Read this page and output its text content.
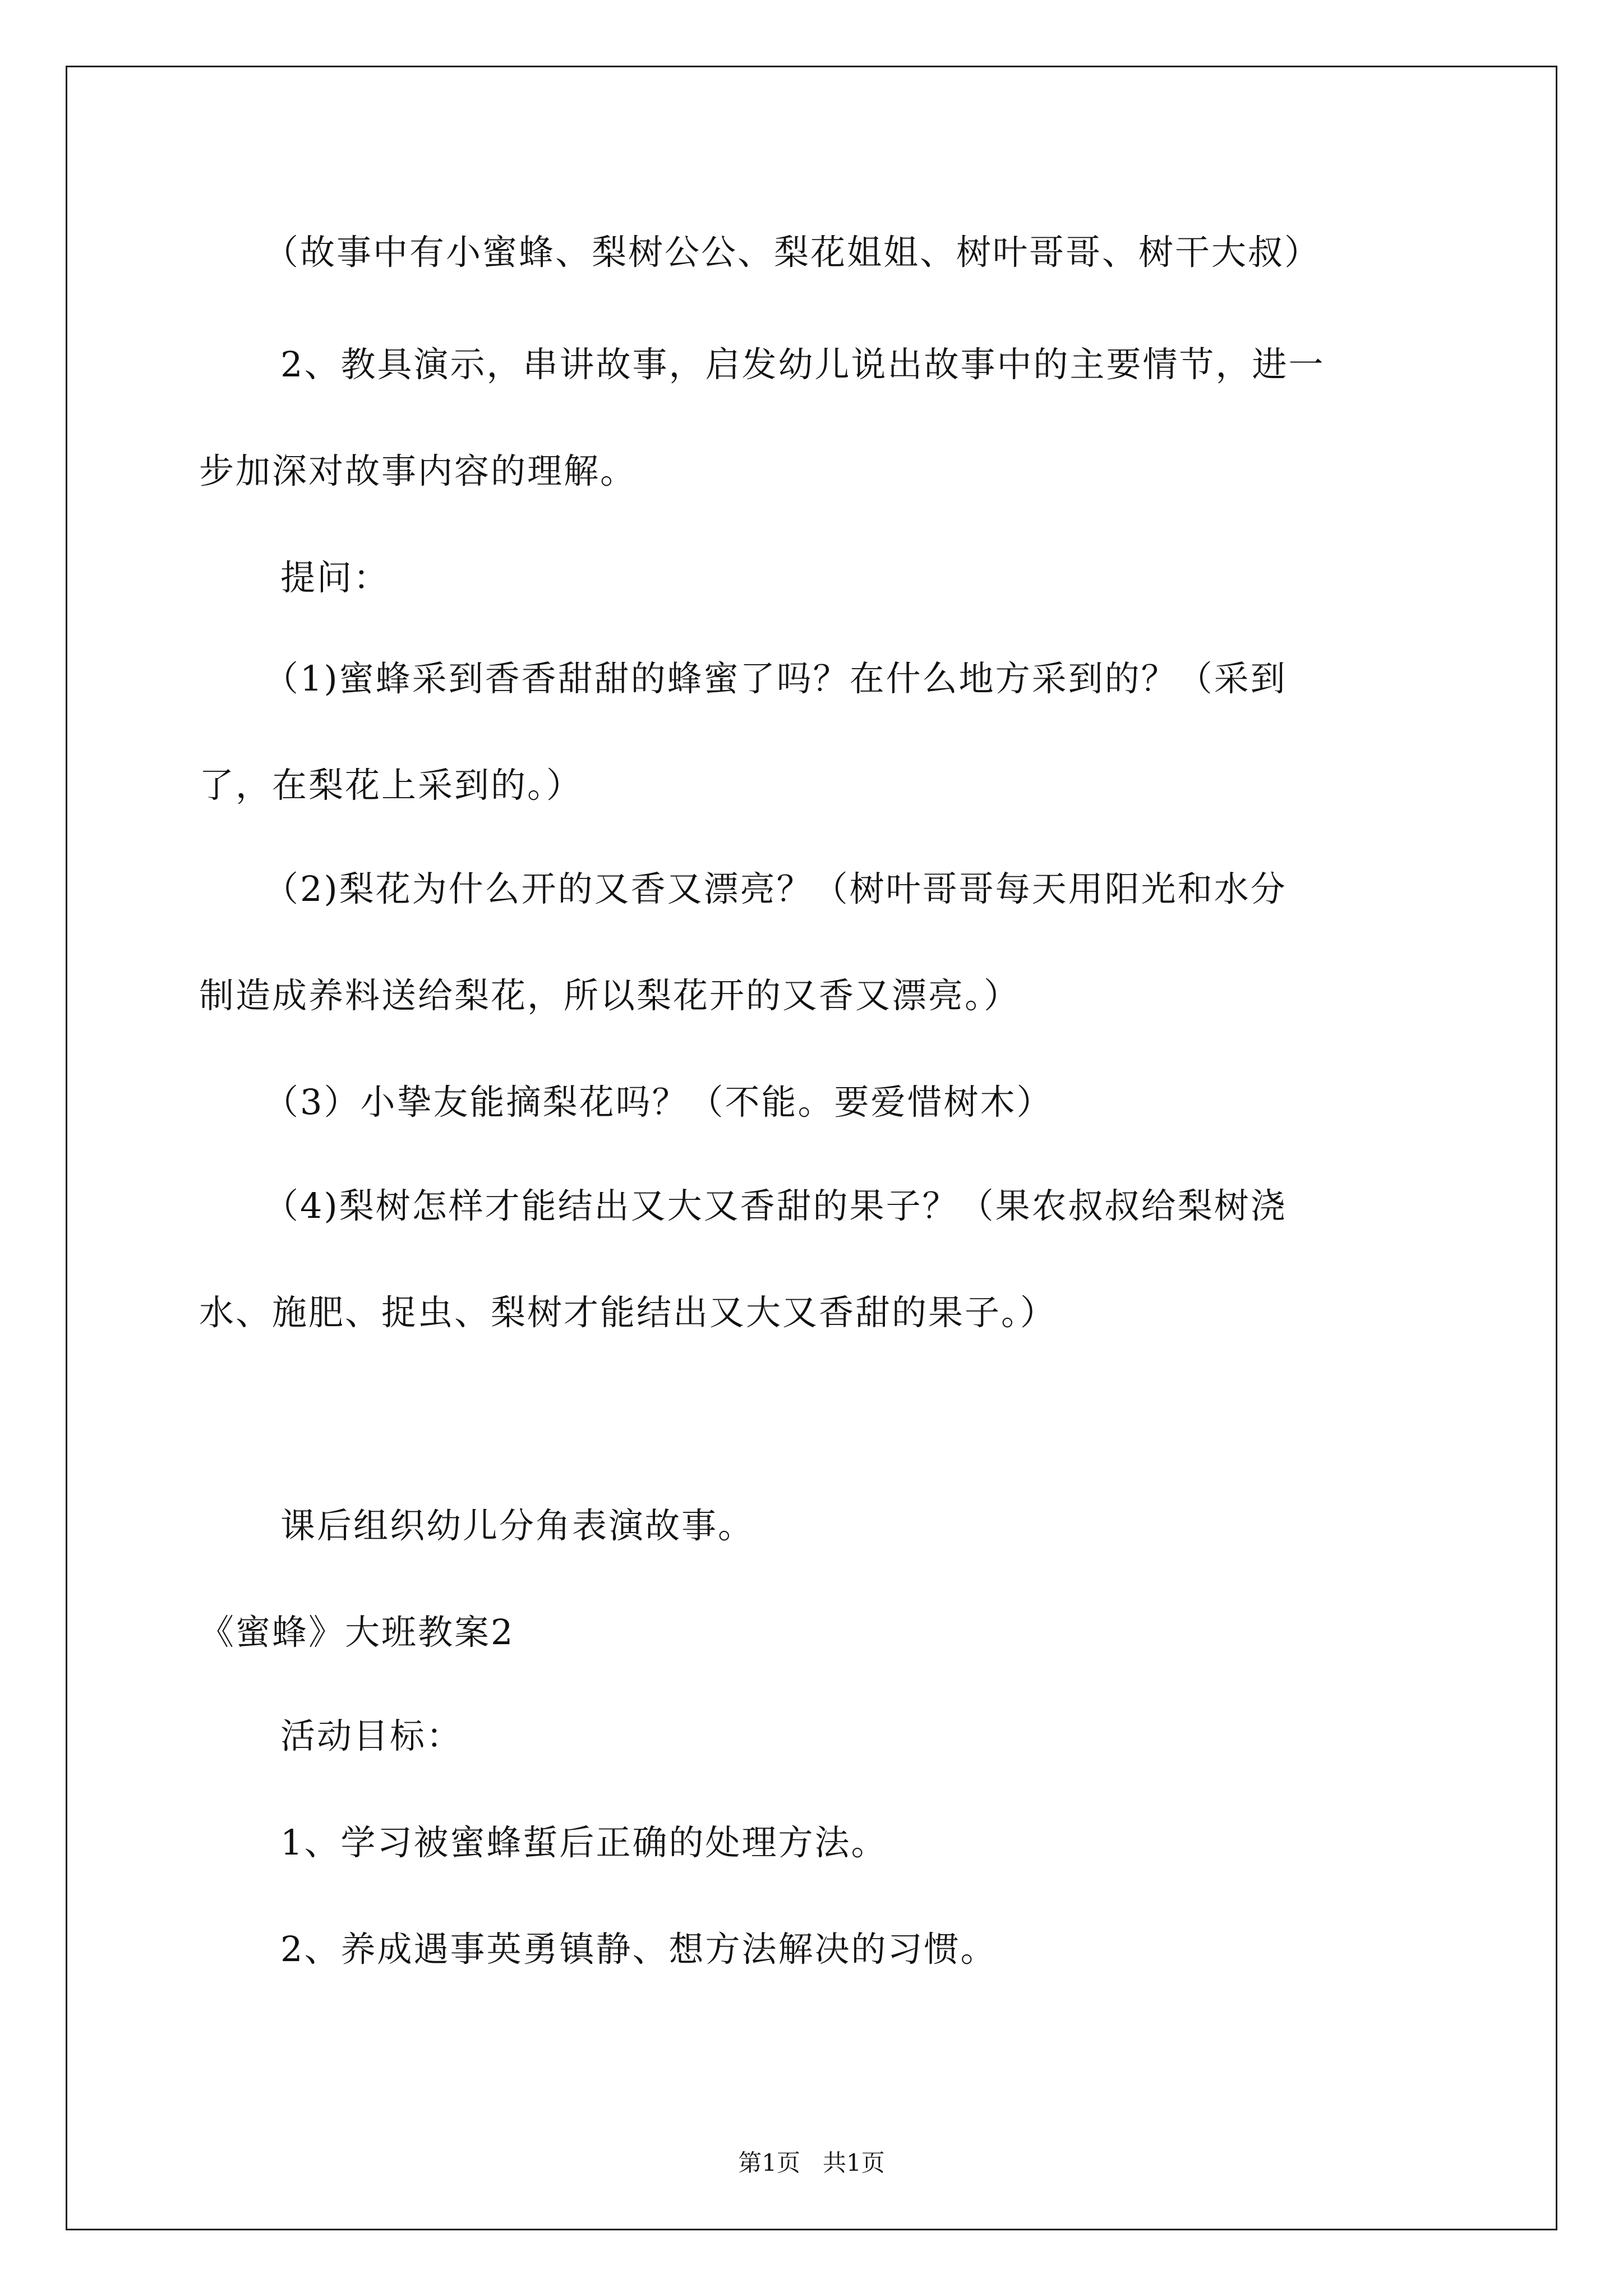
（故事中有小蜜蜂、梨树公公、梨花姐姐、树叶哥哥、树干大叔）
2、教具演示，串讲故事，启发幼儿说出故事中的主要情节，进一
步加深对故事内容的理解。
提问：
（1)蜜蜂采到香香甜甜的蜂蜜了吗？在什么地方采到的？（采到
了，在梨花上采到的。）
（2)梨花为什么开的又香又漂亮？（树叶哥哥每天用阳光和水分
制造成养料送给梨花，所以梨花开的又香又漂亮。）
（3）小挚友能摘梨花吗？（不能。要爱惜树木）
（4)梨树怎样才能结出又大又香甜的果子？（果农叔叔给梨树浇
水、施肥、捉虫、梨树才能结出又大又香甜的果子。）
课后组织幼儿分角表演故事。
《蜜蜂》大班教案2
活动目标：
1、学习被蜜蜂蜇后正确的处理方法。
2、养成遇事英勇镇静、想方法解决的习惯。
第1页   共1页
